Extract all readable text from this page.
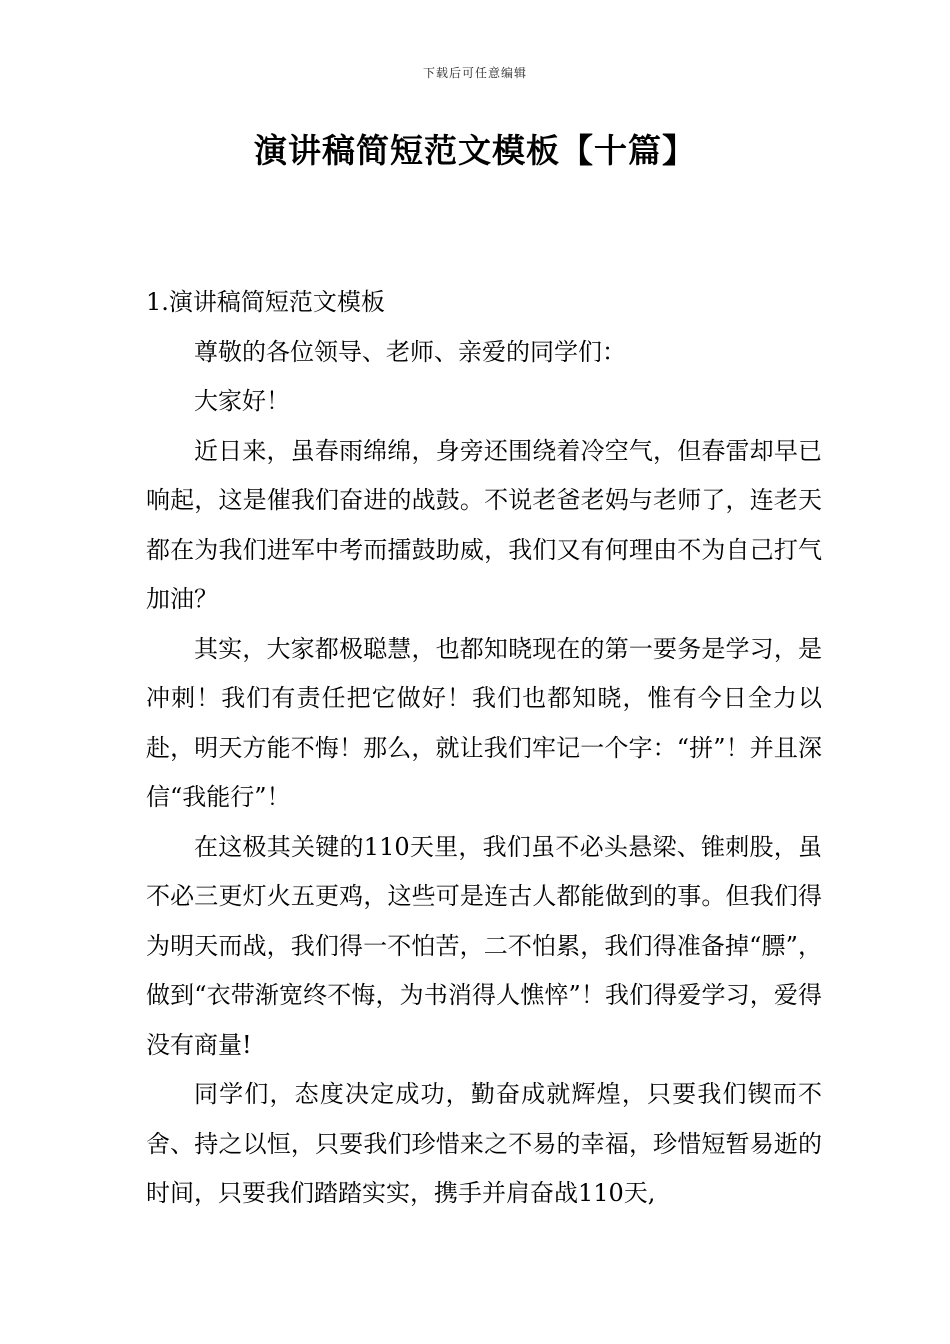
下载后可任意编辑
演讲稿简短范文模板【十篇】

1.演讲稿简短范文模板

尊敬的各位领导、老师、亲爱的同学们：

大家好！

近日来，虽春雨绵绵，身旁还围绕着冷空气，但春雷却早已响起，这是催我们奋进的战鼓。不说老爸老妈与老师了，连老天都在为我们进军中考而擂鼓助威，我们又有何理由不为自己打气加油？

其实，大家都极聪慧，也都知晓现在的第一要务是学习，是冲刺！我们有责任把它做好！我们也都知晓，惟有今日全力以赴，明天方能不悔！那么，就让我们牢记一个字：“拼”！并且深信“我能行”！

在这极其关键的110天里，我们虽不必头悬梁、锥刺股，虽不必三更灯火五更鸡，这些可是连古人都能做到的事。但我们得为明天而战，我们得一不怕苦，二不怕累，我们得准备掉“膘”，做到“衣带渐宽终不悔，为书消得人憔悴”！我们得爱学习，爱得没有商量!

同学们，态度决定成功，勤奋成就辉煌，只要我们锲而不舍、持之以恒，只要我们珍惜来之不易的幸福，珍惜短暂易逝的时间，只要我们踏踏实实，携手并肩奋战110天,
